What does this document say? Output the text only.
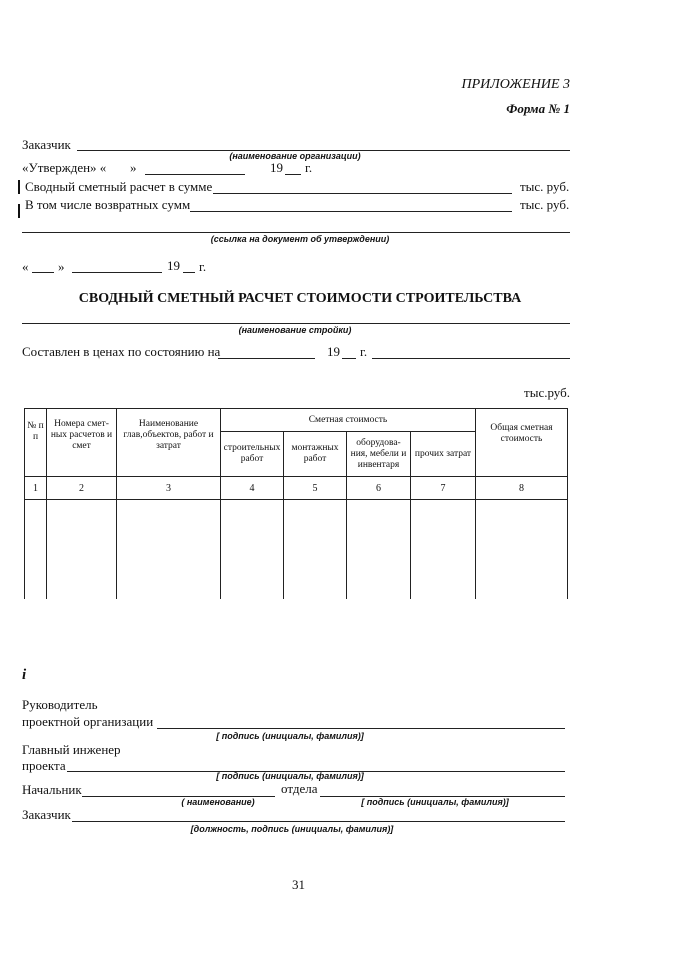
ПРИЛОЖЕНИЕ 3
Форма № 1
Заказчик
(наименование организации)
«Утвержден» « »	19 г.
Сводный сметный расчет в сумме	тыс. руб.
В том числе возвратных сумм	тыс. руб.
(ссылка на документ об утверждении)
« »	19 г.
СВОДНЫЙ СМЕТНЫЙ РАСЧЕТ СТОИМОСТИ СТРОИТЕЛЬСТВА
(наименование стройки)
Составлен в ценах по состоянию на	19 г.
тыс.руб.
№ п п	Номера смет-ных расчетов и смет	Наименование глав,объектов, работ и затрат	Сметная стоимость				Общая сметная стоимость
			строительных работ	монтажных работ	оборудова-ния, мебели и инвентаря	прочих затрат	
1	2	3	4	5	6	7	8

i
Руководитель
проектной организации
[ подпись (инициалы, фамилия)]
Главный инженер
проекта
[ подпись (инициалы, фамилия)]
Начальник	отдела
( наименование)	[ подпись (инициалы, фамилия)]
Заказчик
[должность, подпись (инициалы, фамилия)]
31
